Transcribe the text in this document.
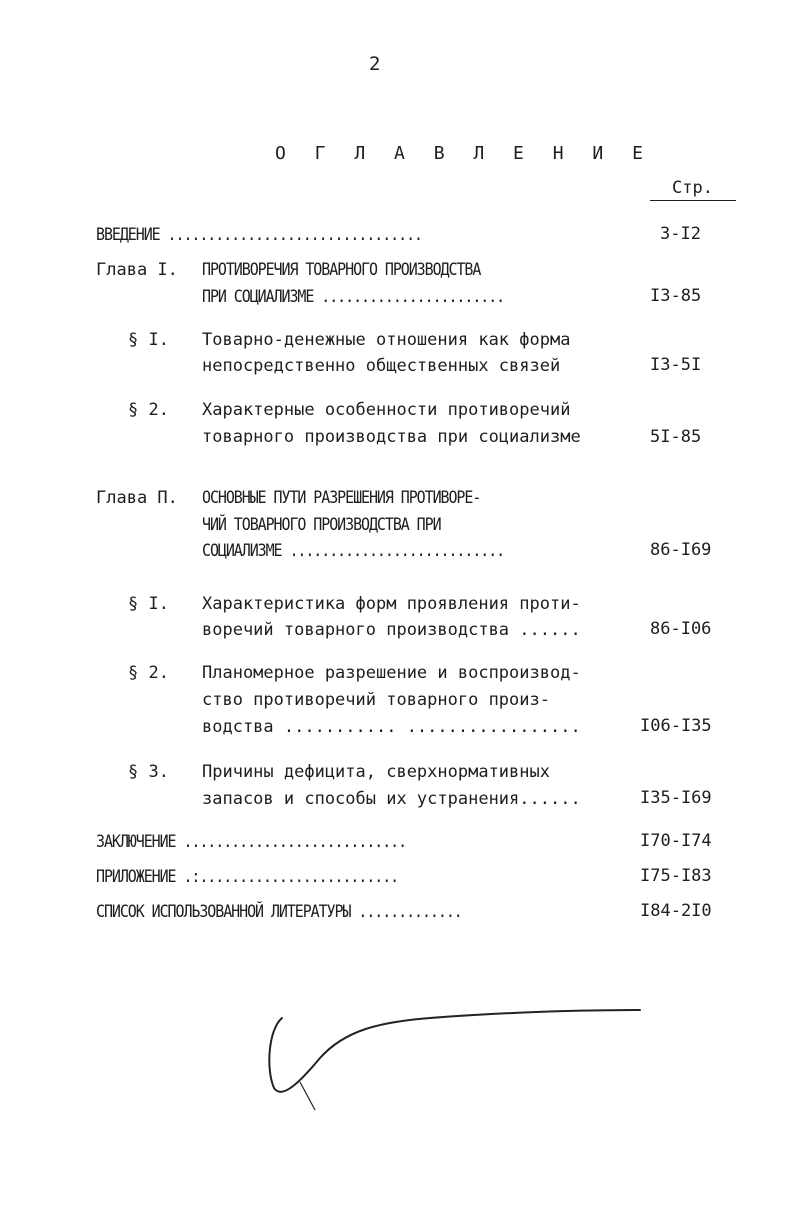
2
О Г Л А В Л Е Н И Е
Стр.
ВВЕДЕНИЕ ................................	3-I2
Глава I. ПРОТИВОРЕЧИЯ ТОВАРНОГО ПРОИЗВОДСТВА
ПРИ СОЦИАЛИЗМЕ .......................	I3-85
§ I. Товарно-денежные отношения как форма
непосредственно общественных связей	I3-5I
§ 2. Характерные особенности противоречий
товарного производства при социализме	5I-85
Глава П. ОСНОВНЫЕ ПУТИ РАЗРЕШЕНИЯ ПРОТИВОРЕ-
ЧИЙ ТОВАРНОГО ПРОИЗВОДСТВА ПРИ
СОЦИАЛИЗМЕ ...........................	86-I69
§ I. Характеристика форм проявления проти-
воречий товарного производства ......	86-I06
§ 2. Планомерное разрешение и воспроизвод-
ство противоречий товарного произ-
водства ........... .................	I06-I35
§ 3. Причины дефицита, сверхнормативных
запасов и способы их устранения......	I35-I69
ЗАКЛЮЧЕНИЕ ............................	I70-I74
ПРИЛОЖЕНИЕ .:.........................	I75-I83
СПИСОК ИСПОЛЬЗОВАННОЙ ЛИТЕРАТУРЫ .............	I84-2I0
